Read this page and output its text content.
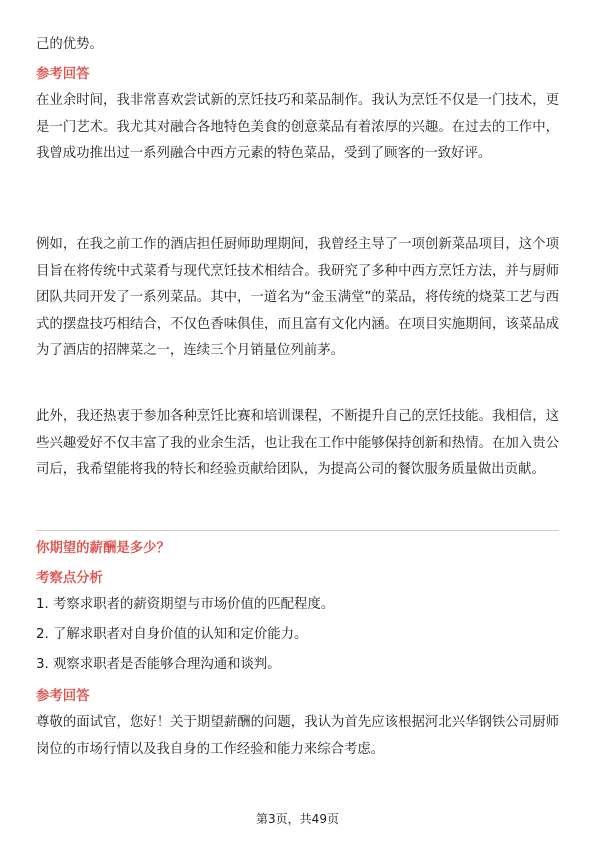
己的优势。

参考回答

在业余时间，我非常喜欢尝试新的烹饪技巧和菜品制作。我认为烹饪不仅是一门技术，更是一门艺术。我尤其对融合各地特色美食的创意菜品有着浓厚的兴趣。在过去的工作中，我曾成功推出过一系列融合中西方元素的特色菜品，受到了顾客的一致好评。

例如，在我之前工作的酒店担任厨师助理期间，我曾经主导了一项创新菜品项目，这个项目旨在将传统中式菜肴与现代烹饪技术相结合。我研究了多种中西方烹饪方法，并与厨师团队共同开发了一系列菜品。其中，一道名为“金玉满堂”的菜品，将传统的烧菜工艺与西式的摆盘技巧相结合，不仅色香味俱佳，而且富有文化内涵。在项目实施期间，该菜品成为了酒店的招牌菜之一，连续三个月销量位列前茅。

此外，我还热衷于参加各种烹饪比赛和培训课程，不断提升自己的烹饪技能。我相信，这些兴趣爱好不仅丰富了我的业余生活，也让我在工作中能够保持创新和热情。在加入贵公司后，我希望能将我的特长和经验贡献给团队，为提高公司的餐饮服务质量做出贡献。

你期望的薪酬是多少？

考察点分析

1. 考察求职者的薪资期望与市场价值的匹配程度。

2. 了解求职者对自身价值的认知和定价能力。

3. 观察求职者是否能够合理沟通和谈判。

参考回答

尊敬的面试官，您好！关于期望薪酬的问题，我认为首先应该根据河北兴华钢铁公司厨师岗位的市场行情以及我自身的工作经验和能力来综合考虑。

第3页，共49页
